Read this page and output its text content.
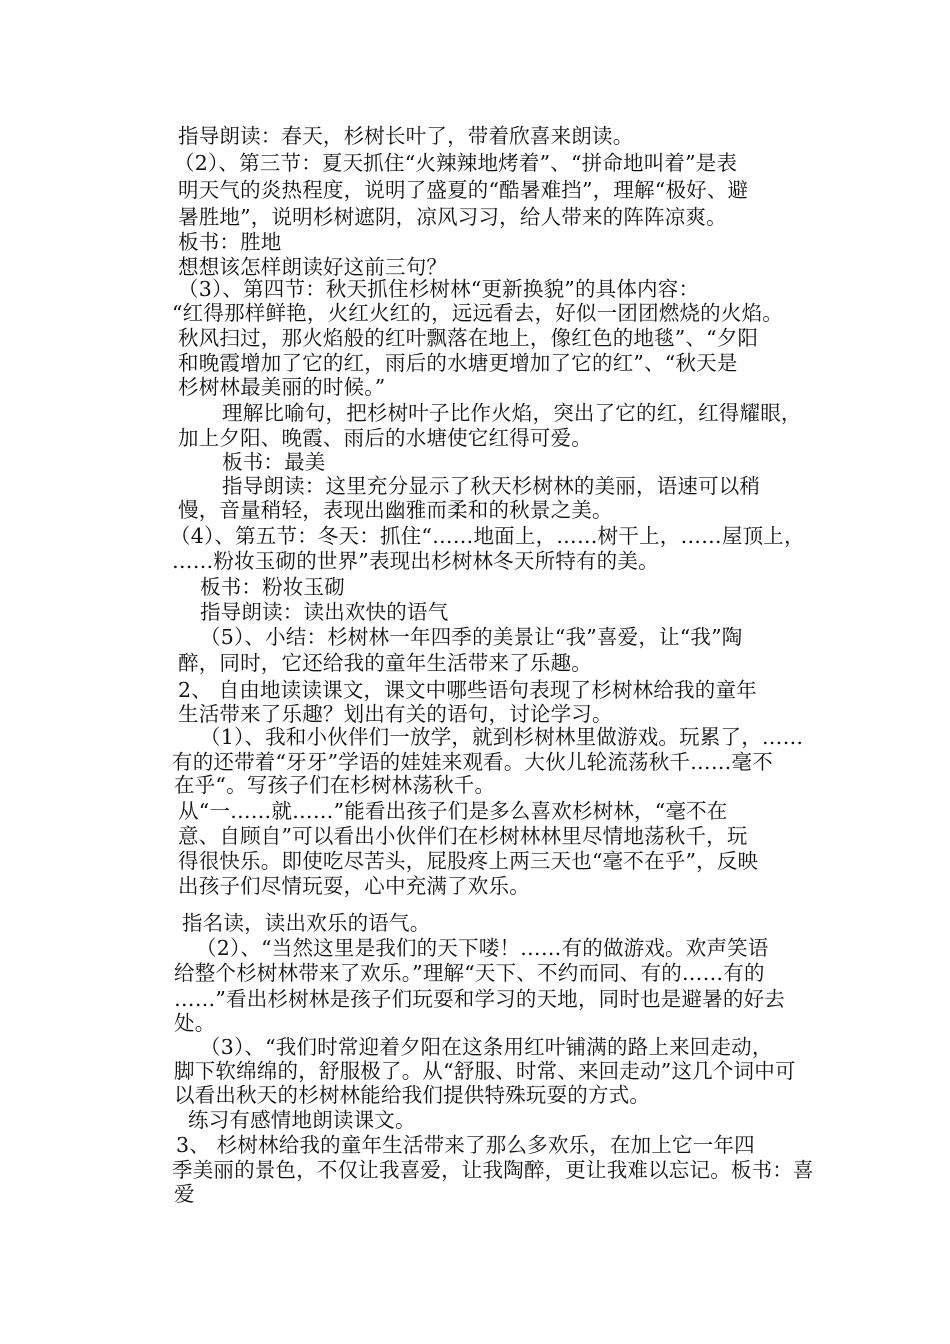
指导朗读：春天，杉树长叶了，带着欣喜来朗读。
（2）、第三节：夏天抓住“火辣辣地烤着”、“拼命地叫着”是表
明天气的炎热程度，说明了盛夏的“酷暑难挡”，理解“极好、避
暑胜地”，说明杉树遮阴，凉风习习，给人带来的阵阵凉爽。
板书：胜地
想想该怎样朗读好这前三句？
（3）、第四节：秋天抓住杉树林“更新换貌”的具体内容：
“红得那样鲜艳，火红火红的，远远看去，好似一团团燃烧的火焰。
秋风扫过，那火焰般的红叶飘落在地上，像红色的地毯”、“夕阳
和晚霞增加了它的红，雨后的水塘更增加了它的红”、“秋天是
杉树林最美丽的时候。”
理解比喻句，把杉树叶子比作火焰，突出了它的红，红得耀眼，
加上夕阳、晚霞、雨后的水塘使它红得可爱。
板书：最美
指导朗读：这里充分显示了秋天杉树林的美丽，语速可以稍
慢，音量稍轻，表现出幽雅而柔和的秋景之美。
（4）、第五节：冬天：抓住“……地面上，……树干上，……屋顶上，
……粉妆玉砌的世界”表现出杉树林冬天所特有的美。
板书：粉妆玉砌
指导朗读：读出欢快的语气
（5）、小结：杉树林一年四季的美景让“我”喜爱，让“我”陶
醉，同时，它还给我的童年生活带来了乐趣。
2、 自由地读读课文，课文中哪些语句表现了杉树林给我的童年
生活带来了乐趣？划出有关的语句，讨论学习。
（1）、我和小伙伴们一放学，就到杉树林里做游戏。玩累了，……
有的还带着“牙牙”学语的娃娃来观看。大伙儿轮流荡秋千……毫不
在乎“。写孩子们在杉树林荡秋千。
从“一……就……”能看出孩子们是多么喜欢杉树林，“毫不在
意、自顾自”可以看出小伙伴们在杉树林林里尽情地荡秋千，玩
得很快乐。即使吃尽苦头，屁股疼上两三天也“毫不在乎”，反映
出孩子们尽情玩耍，心中充满了欢乐。
指名读，读出欢乐的语气。
（2）、“当然这里是我们的天下喽！……有的做游戏。欢声笑语
给整个杉树林带来了欢乐。”理解“天下、不约而同、有的……有的
……”看出杉树林是孩子们玩耍和学习的天地，同时也是避暑的好去
处。
（3）、“我们时常迎着夕阳在这条用红叶铺满的路上来回走动，
脚下软绵绵的，舒服极了。从“舒服、时常、来回走动”这几个词中可
以看出秋天的杉树林能给我们提供特殊玩耍的方式。
练习有感情地朗读课文。
3、 杉树林给我的童年生活带来了那么多欢乐，在加上它一年四
季美丽的景色，不仅让我喜爱，让我陶醉，更让我难以忘记。板书：喜
爱
